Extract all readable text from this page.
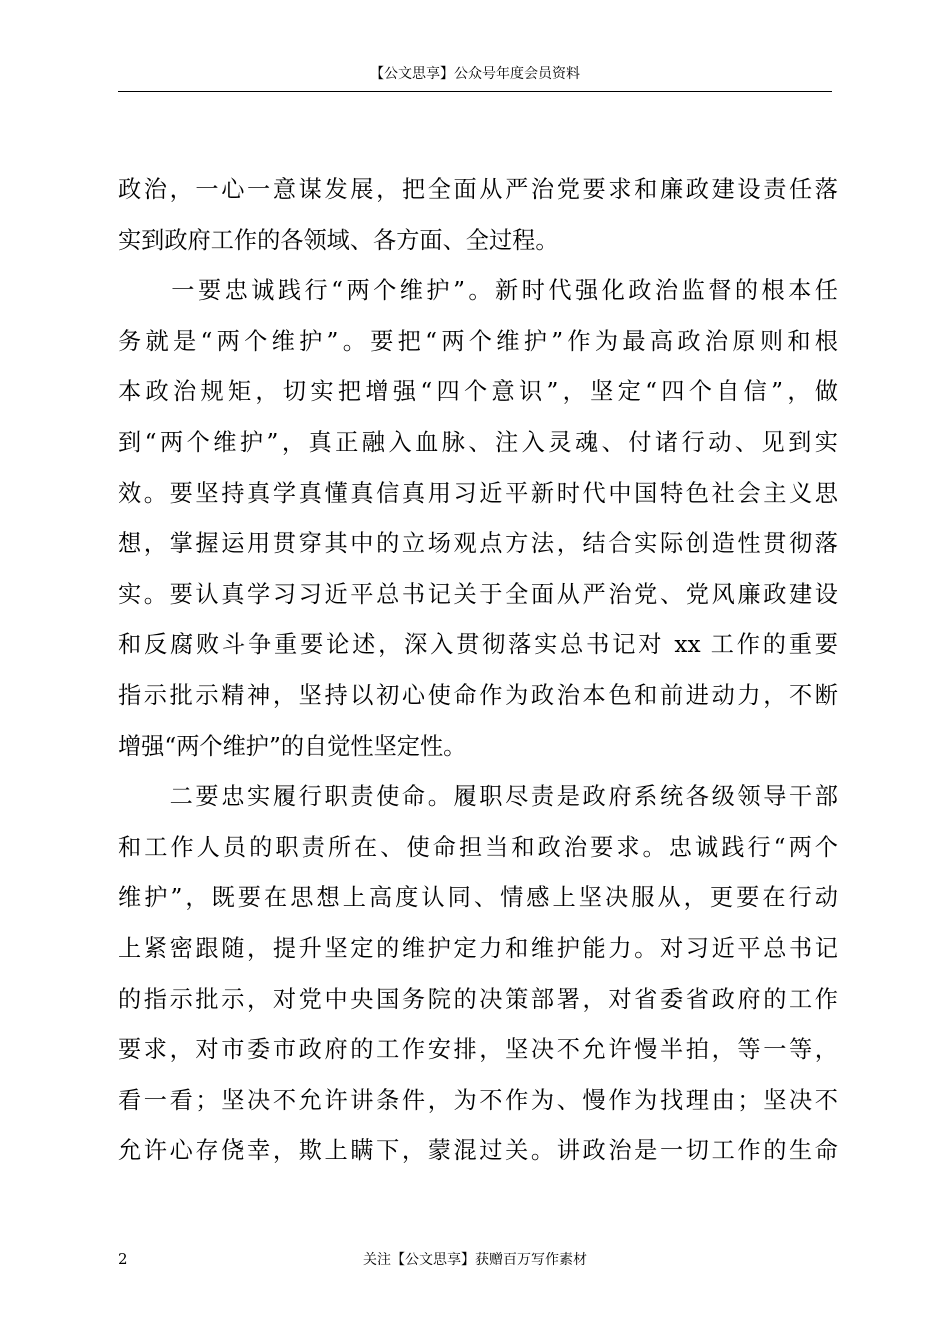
【公文思享】公众号年度会员资料
政治，一心一意谋发展，把全面从严治党要求和廉政建设责任落
实到政府工作的各领域、各方面、全过程。
　　一要忠诚践行“两个维护”。新时代强化政治监督的根本任
务就是“两个维护”。要把“两个维护”作为最高政治原则和根
本政治规矩，切实把增强“四个意识”，坚定“四个自信”，做
到“两个维护”，真正融入血脉、注入灵魂、付诸行动、见到实
效。要坚持真学真懂真信真用习近平新时代中国特色社会主义思
想，掌握运用贯穿其中的立场观点方法，结合实际创造性贯彻落
实。要认真学习习近平总书记关于全面从严治党、党风廉政建设
和反腐败斗争重要论述，深入贯彻落实总书记对 xx 工作的重要
指示批示精神，坚持以初心使命作为政治本色和前进动力，不断
增强“两个维护”的自觉性坚定性。
　　二要忠实履行职责使命。履职尽责是政府系统各级领导干部
和工作人员的职责所在、使命担当和政治要求。忠诚践行“两个
维护”，既要在思想上高度认同、情感上坚决服从，更要在行动
上紧密跟随，提升坚定的维护定力和维护能力。对习近平总书记
的指示批示，对党中央国务院的决策部署，对省委省政府的工作
要求，对市委市政府的工作安排，坚决不允许慢半拍，等一等，
看一看；坚决不允许讲条件，为不作为、慢作为找理由；坚决不
允许心存侥幸，欺上瞒下，蒙混过关。讲政治是一切工作的生命
2	关注【公文思享】获赠百万写作素材
